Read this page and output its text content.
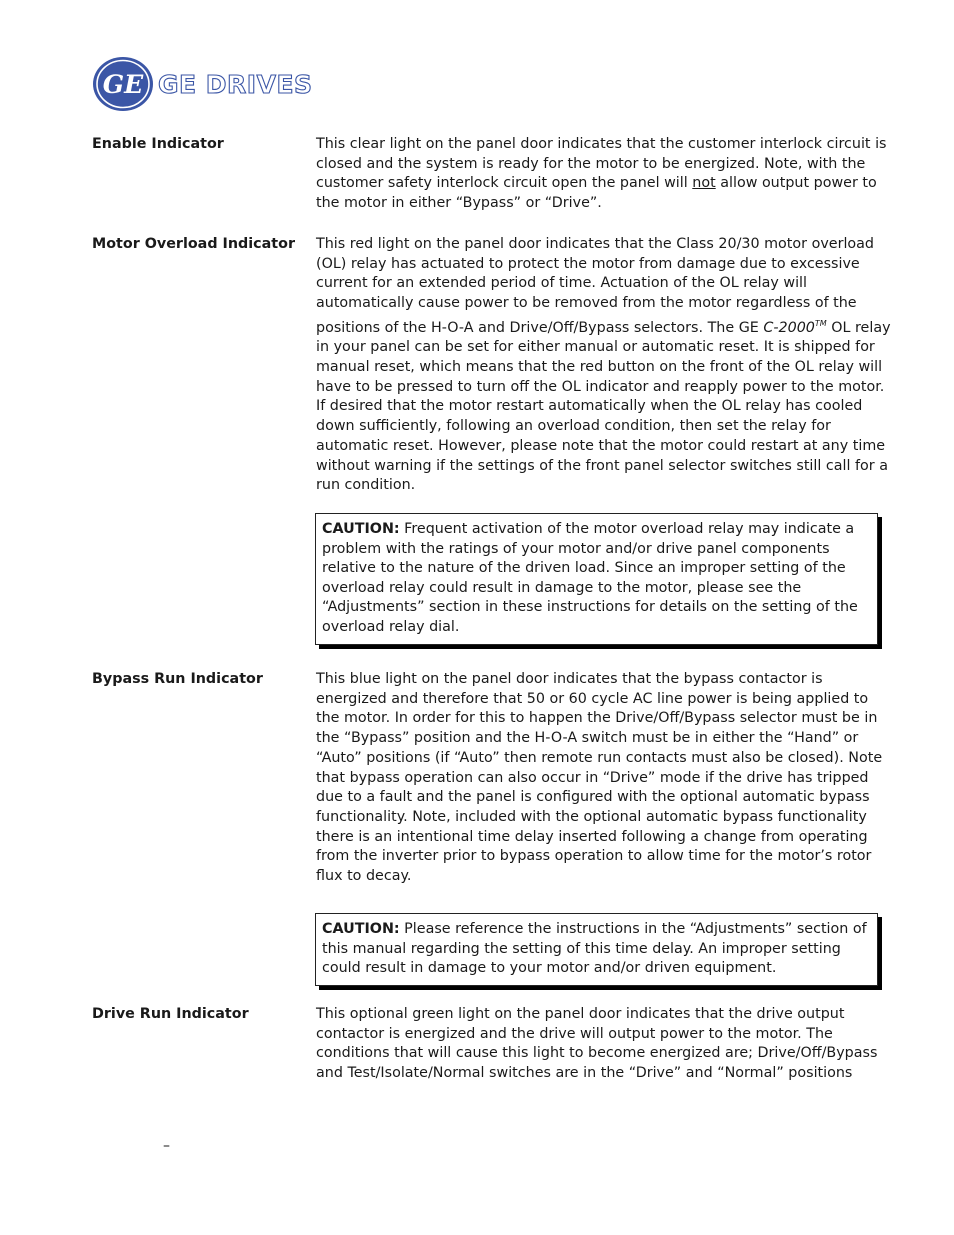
GE GE DRIVES
Enable Indicator	This clear light on the panel door indicates that the customer interlock circuit is closed and the system is ready for the motor to be energized. Note, with the customer safety interlock circuit open the panel will not allow output power to the motor in either “Bypass” or “Drive”.
Motor Overload Indicator This red light on the panel door indicates that the Class 20/30 motor overload (OL) relay has actuated to protect the motor from damage due to excessive current for an extended period of time. Actuation of the OL relay will automatically cause power to be removed from the motor regardless of the positions of the H-O-A and Drive/Off/Bypass selectors. The GE C-2000™ OL relay in your panel can be set for either manual or automatic reset. It is shipped for manual reset, which means that the red button on the front of the OL relay will have to be pressed to turn off the OL indicator and reapply power to the motor. If desired that the motor restart automatically when the OL relay has cooled down sufficiently, following an overload condition, then set the relay for automatic reset. However, please note that the motor could restart at any time without warning if the settings of the front panel selector switches still call for a run condition.
CAUTION: Frequent activation of the motor overload relay may indicate a problem with the ratings of your motor and/or drive panel components relative to the nature of the driven load. Since an improper setting of the overload relay could result in damage to the motor, please see the “Adjustments” section in these instructions for details on the setting of the overload relay dial.
Bypass Run Indicator	This blue light on the panel door indicates that the bypass contactor is energized and therefore that 50 or 60 cycle AC line power is being applied to the motor. In order for this to happen the Drive/Off/Bypass selector must be in the “Bypass” position and the H-O-A switch must be in either the “Hand” or “Auto” positions (if “Auto” then remote run contacts must also be closed). Note that bypass operation can also occur in “Drive” mode if the drive has tripped due to a fault and the panel is configured with the optional automatic bypass functionality. Note, included with the optional automatic bypass functionality there is an intentional time delay inserted following a change from operating from the inverter prior to bypass operation to allow time for the motor’s rotor flux to decay.
CAUTION: Please reference the instructions in the “Adjustments” section of this manual regarding the setting of this time delay. An improper setting could result in damage to your motor and/or driven equipment.
Drive Run Indicator	This optional green light on the panel door indicates that the drive output contactor is energized and the drive will output power to the motor. The conditions that will cause this light to become energized are; Drive/Off/Bypass and Test/Isolate/Normal switches are in the “Drive” and “Normal” positions
–
